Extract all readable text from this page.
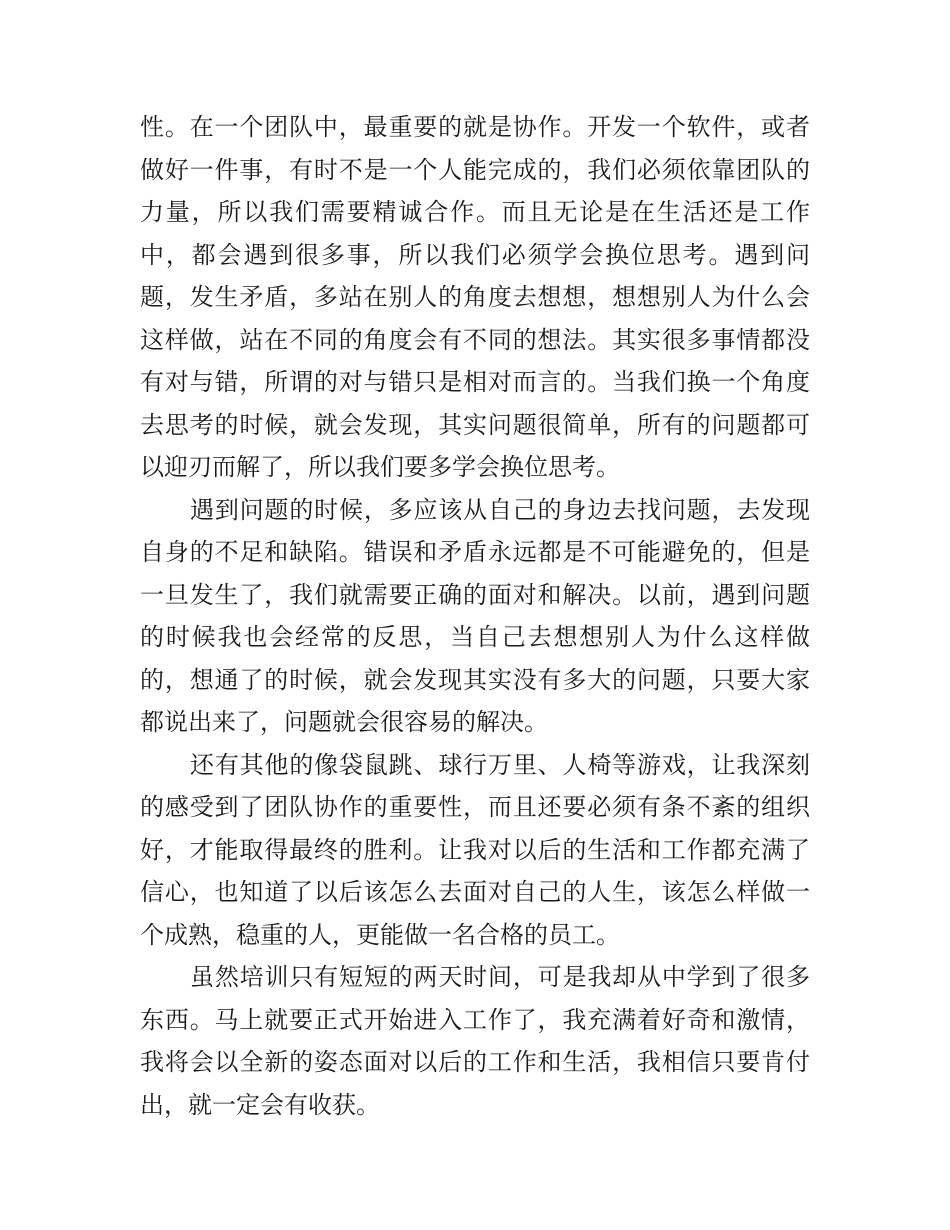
性。在一个团队中，最重要的就是协作。开发一个软件，或者
做好一件事，有时不是一个人能完成的，我们必须依靠团队的
力量，所以我们需要精诚合作。而且无论是在生活还是工作
中，都会遇到很多事，所以我们必须学会换位思考。遇到问
题，发生矛盾，多站在别人的角度去想想，想想别人为什么会
这样做，站在不同的角度会有不同的想法。其实很多事情都没
有对与错，所谓的对与错只是相对而言的。当我们换一个角度
去思考的时候，就会发现，其实问题很简单，所有的问题都可
以迎刃而解了，所以我们要多学会换位思考。
遇到问题的时候，多应该从自己的身边去找问题，去发现
自身的不足和缺陷。错误和矛盾永远都是不可能避免的，但是
一旦发生了，我们就需要正确的面对和解决。以前，遇到问题
的时候我也会经常的反思，当自己去想想别人为什么这样做
的，想通了的时候，就会发现其实没有多大的问题，只要大家
都说出来了，问题就会很容易的解决。
还有其他的像袋鼠跳、球行万里、人椅等游戏，让我深刻
的感受到了团队协作的重要性，而且还要必须有条不紊的组织
好，才能取得最终的胜利。让我对以后的生活和工作都充满了
信心，也知道了以后该怎么去面对自己的人生，该怎么样做一
个成熟，稳重的人，更能做一名合格的员工。
虽然培训只有短短的两天时间，可是我却从中学到了很多
东西。马上就要正式开始进入工作了，我充满着好奇和激情，
我将会以全新的姿态面对以后的工作和生活，我相信只要肯付
出，就一定会有收获。
